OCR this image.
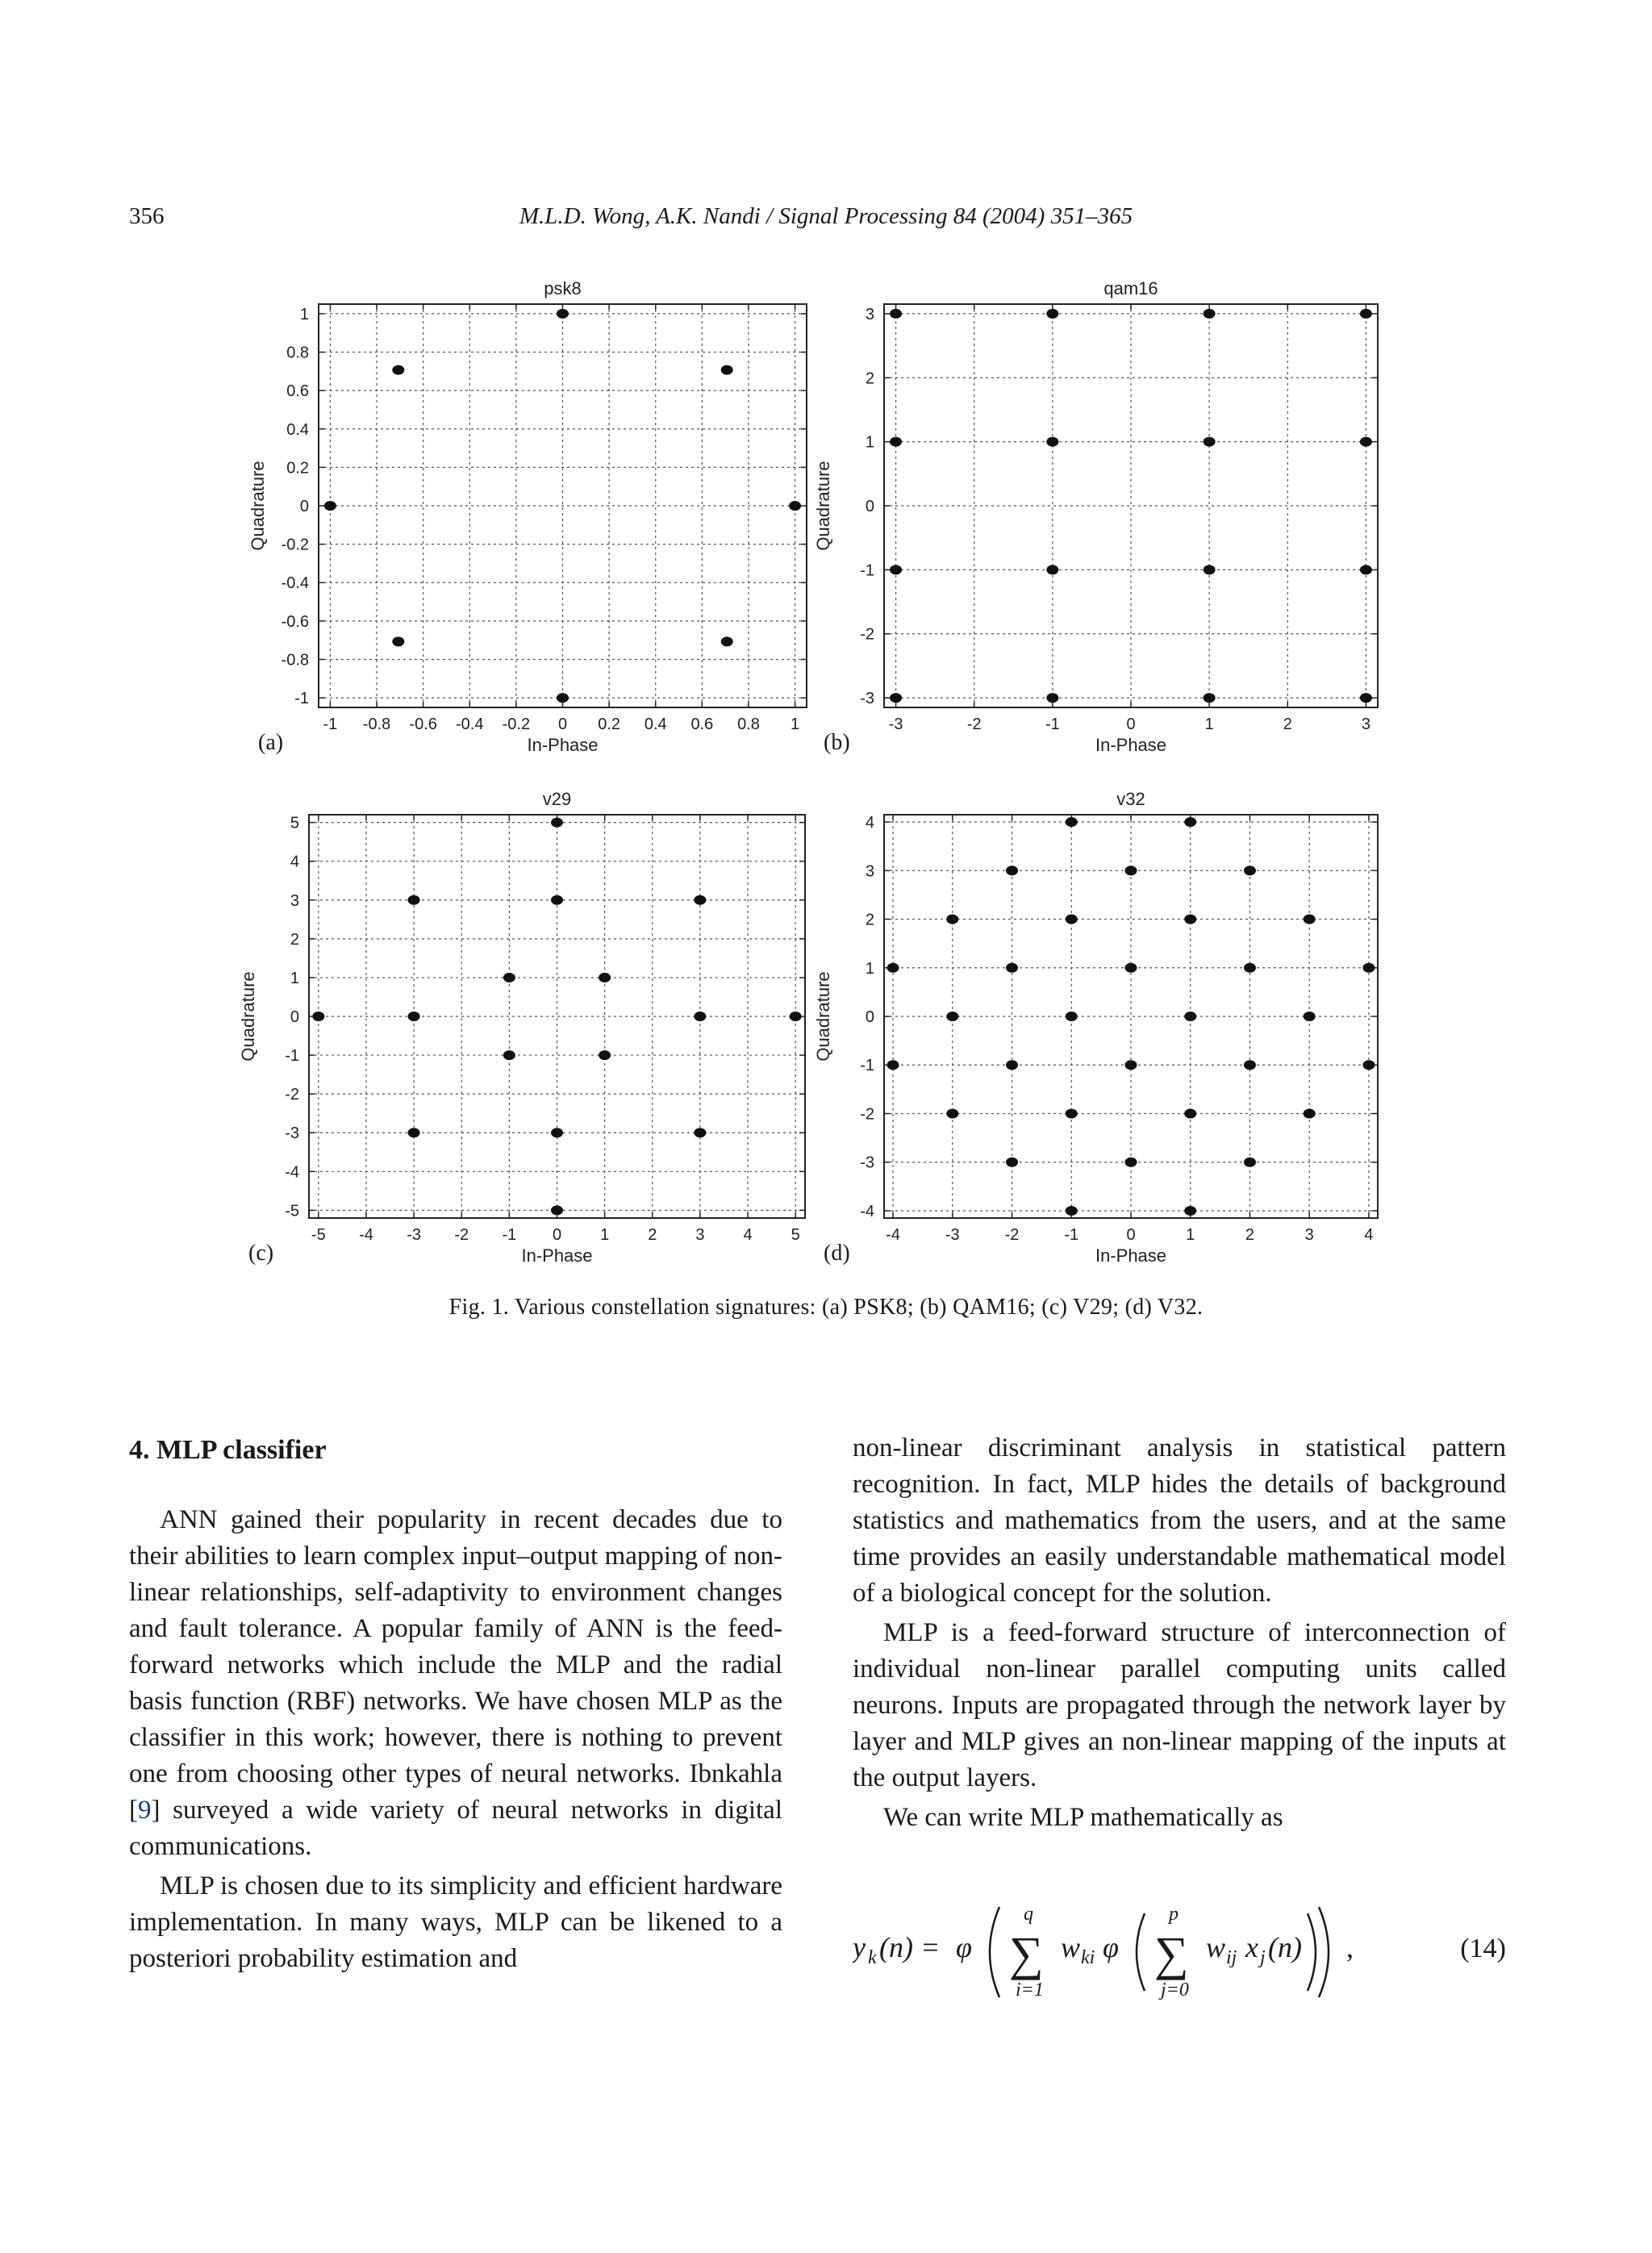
356	M.L.D. Wong, A.K. Nandi / Signal Processing 84 (2004) 351–365
-1 -0.8 -0.6 -0.4 -0.2 0 0.2 0.4 0.6 0.8 1
-1
-0.8
-0.6
-0.4
-0.2
0
0.2
0.4
0.6
0.8
1
psk8
In-Phase
Quadrature
(a)
-3	-2	-1	0	1	2	3
-3
-2
-1
0
1
2
3
qam16
In-Phase
Quadrature
(b)
-5 -4 -3 -2 -1 0 1 2 3 4 5
-5
-4
-3
-2
-1
0
1
2
3
4
5
v29
In-Phase
Quadrature
(c)
-4	-3	-2	-1	0	1	2	3	4
-4
-3
-2
-1
0
1
2
3
4
v32
In-Phase
Quadrature
(d)
Fig. 1. Various constellation signatures: (a) PSK8; (b) QAM16; (c) V29; (d) V32.
4. MLP classifier

ANN gained their popularity in recent decades due to their abilities to learn complex input–output mapping of non-linear relationships, self-adaptivity to environment changes and fault tolerance. A popular family of ANN is the feed-forward networks which include the MLP and the radial basis function (RBF) networks. We have chosen MLP as the classifier in this work; however, there is nothing to prevent one from choosing other types of neural networks. Ibnkahla [9] surveyed a wide variety of neural networks in digital communications.

MLP is chosen due to its simplicity and efficient hardware implementation. In many ways, MLP can be likened to a posteriori probability estimation and

non-linear discriminant analysis in statistical pattern recognition. In fact, MLP hides the details of background statistics and mathematics from the users, and at the same time provides an easily understandable mathematical model of a biological concept for the solution.

MLP is a feed-forward structure of interconnection of individual non-linear parallel computing units called neurons. Inputs are propagated through the network layer by layer and MLP gives an non-linear mapping of the inputs at the output layers.

We can write MLP mathematically as

y k (n) = φ
q
∑
i=1
w ki φ
p
∑
j=0
w ij x j (n) ,	(14)
